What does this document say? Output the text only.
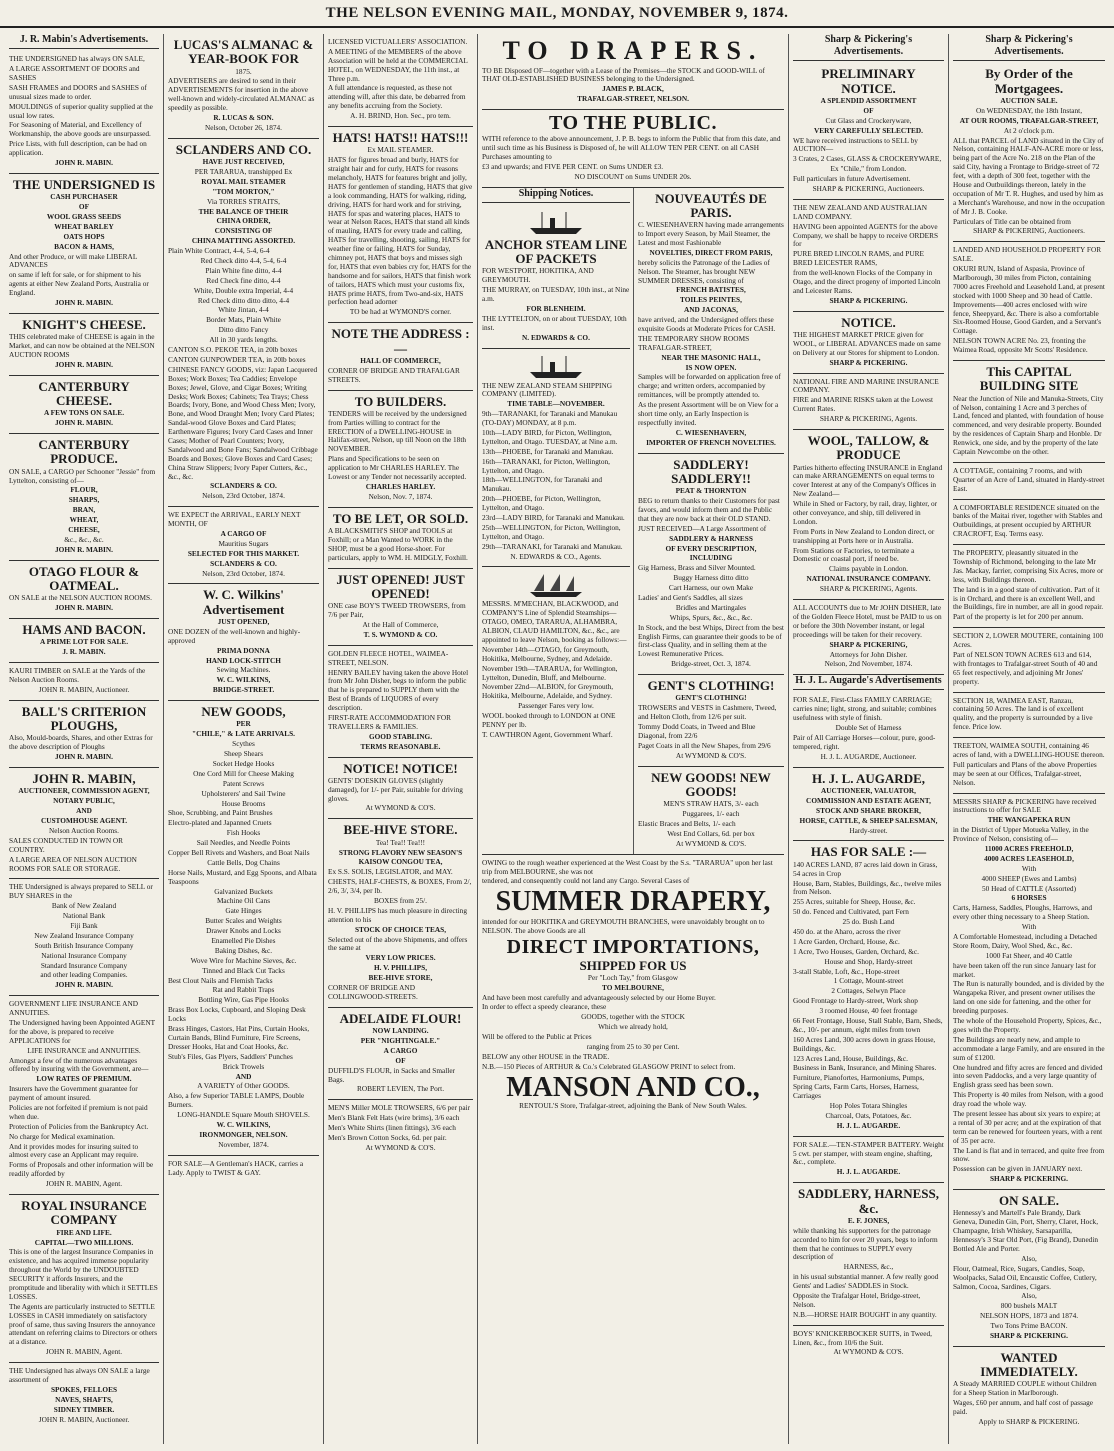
THE NELSON EVENING MAIL, MONDAY, NOVEMBER 9, 1874.
J. R. Mabin's Advertisements.

THE UNDERSIGNED has always ON SALE,

A LARGE ASSORTMENT OF DOORS and SASHES

SASH FRAMES and DOORS and SASHES of unusual sizes made to order.

MOULDINGS of superior quality supplied at the usual low rates.

For Seasoning of Material, and Excellency of Workmanship, the above goods are unsurpassed.

Price Lists, with full description, can be had on application.

JOHN R. MABIN.

THE UNDERSIGNED IS

CASH PURCHASER

OF

WOOL GRASS SEEDS

WHEAT BARLEY

OATS HOPS

BACON & HAMS,

And other Produce, or will make LIBERAL ADVANCES

on same if left for sale, or for shipment to his agents at either New Zealand Ports, Australia or England.

JOHN R. MABIN.

KNIGHT'S CHEESE.

THIS celebrated make of CHEESE is again in the Market, and can now be obtained at the NELSON AUCTION ROOMS

JOHN R. MABIN.

CANTERBURY CHEESE.

A FEW TONS ON SALE.

JOHN R. MABIN.

CANTERBURY PRODUCE.

ON SALE, a CARGO per Schooner "Jessie" from Lyttelton, consisting of—

FLOUR,

SHARPS,

BRAN,

WHEAT,

CHEESE,

&c., &c., &c.

JOHN R. MABIN.

OTAGO FLOUR & OATMEAL.

ON SALE at the NELSON AUCTION ROOMS.

JOHN R. MABIN.

HAMS AND BACON.

A PRIME LOT FOR SALE.

J. R. MABIN.

KAURI TIMBER on SALE at the Yards of the Nelson Auction Rooms.

JOHN R. MABIN, Auctioneer.

BALL'S CRITERION PLOUGHS,

Also, Mould-boards, Shares, and other Extras for the above description of Ploughs

JOHN R. MABIN.

JOHN R. MABIN,

AUCTIONEER, COMMISSION AGENT,

NOTARY PUBLIC,

AND

CUSTOMHOUSE AGENT.

Nelson Auction Rooms.

SALES CONDUCTED IN TOWN OR COUNTRY.

A LARGE AREA OF NELSON AUCTION ROOMS FOR SALE OR STORAGE.

THE Undersigned is always prepared to SELL or BUY SHARES in the

Bank of New Zealand

National Bank

Fiji Bank

New Zealand Insurance Company

South British Insurance Company

National Insurance Company

Standard Insurance Company

and other leading Companies.

JOHN R. MABIN.

GOVERNMENT LIFE INSURANCE AND ANNUITIES.

The Undersigned having been Appointed AGENT for the above, is prepared to receive APPLICATIONS for

LIFE INSURANCE and ANNUITIES.

Amongst a few of the numerous advantages offered by insuring with the Government, are—

LOW RATES OF PREMIUM.

Insurers have the Government guarantee for payment of amount insured.

Policies are not forfeited if premium is not paid when due.

Protection of Policies from the Bankruptcy Act.

No charge for Medical examination.

And it provides modes for insuring suited to almost every case an Applicant may require.

Forms of Proposals and other information will be readily afforded by

JOHN R. MABIN, Agent.

ROYAL INSURANCE COMPANY

FIRE AND LIFE.

CAPITAL—TWO MILLIONS.

This is one of the largest Insurance Companies in existence, and has acquired immense popularity throughout the World by the UNDOUBTED SECURITY it affords Insurers, and the promptitude and liberality with which it SETTLES LOSSES.

The Agents are particularly instructed to SETTLE LOSSES in CASH immediately on satisfactory proof of same, thus saving Insurers the annoyance attendant on referring claims to Directors or others at a distance.

JOHN R. MABIN, Agent.

THE Undersigned has always ON SALE a large assortment of

SPOKES, FELLOES

NAVES, SHAFTS,

SIDNEY TIMBER.

JOHN R. MABIN, Auctioneer.

LUCAS'S ALMANAC & YEAR-BOOK FOR

1875.

ADVERTISERS are desired to send in their ADVERTISEMENTS for insertion in the above well-known and widely-circulated ALMANAC as speedily as possible.

R. LUCAS & SON.

Nelson, October 26, 1874.

SCLANDERS AND CO.

HAVE JUST RECEIVED,

PER TARARUA, transhipped Ex

ROYAL MAIL STEAMER

"TOM MORTON,"

Via TORRES STRAITS,

THE BALANCE OF THEIR

CHINA ORDER,

CONSISTING OF

CHINA MATTING ASSORTED.

Plain White Contract, 4-4, 5-4, 6-4

Red Check ditto 4-4, 5-4, 6-4

Plain White fine ditto, 4-4

Red Check fine ditto, 4-4

White, Double extra Imperial, 4-4

Red Check ditto ditto ditto, 4-4

White Jintan, 4-4

Border Mats, Plain White

Ditto ditto Fancy

All in 30 yards lengths.

CANTON S.O. PEKOE TEA, in 20lb boxes

CANTON GUNPOWDER TEA, in 20lb boxes

CHINESE FANCY GOODS, viz: Japan Lacquered Boxes; Work Boxes; Tea Caddies; Envelope Boxes; Jewel, Glove, and Cigar Boxes; Writing Desks; Work Boxes; Cabinets; Tea Trays; Chess Boards; Ivory, Bone, and Wood Chess Men; Ivory, Bone, and Wood Draught Men; Ivory Card Plates; Sandal-wood Glove Boxes and Card Plates; Earthenware Figures; Ivory Card Cases and Inner Cases; Mother of Pearl Counters; Ivory, Sandalwood and Bone Fans; Sandalwood Cribbage Boards and Boxes; Glove Boxes and Card Cases; China Straw Slippers; Ivory Paper Cutters, &c., &c., &c.

SCLANDERS & CO.

Nelson, 23rd October, 1874.

WE EXPECT the ARRIVAL, EARLY NEXT MONTH, OF

A CARGO OF

Mauritius Sugars

SELECTED FOR THIS MARKET.

SCLANDERS & CO.

Nelson, 23rd October, 1874.

W. C. Wilkins' Advertisement

JUST OPENED,

ONE DOZEN of the well-known and highly-approved

PRIMA DONNA

HAND LOCK-STITCH

Sewing Machines.

W. C. WILKINS,

BRIDGE-STREET.

NEW GOODS,

PER

"CHILE," & LATE ARRIVALS.

Scythes

Sheep Shears

Socket Hedge Hooks

One Cord Mill for Cheese Making

Patent Screws

Upholsterers' and Sail Twine

House Brooms

Shoe, Scrubbing, and Paint Brushes

Electro-plated and Japanned Cruets

Fish Hooks

Sail Needles, and Needle Points

Copper Bell Rivets and Washers, and Boat Nails

Cattle Bells, Dog Chains

Horse Nails, Mustard, and Egg Spoons, and Albata Teaspoons

Galvanized Buckets

Machine Oil Cans

Gate Hinges

Butter Scales and Weights

Drawer Knobs and Locks

Enamelled Pie Dishes

Baking Dishes, &c.

Wove Wire for Machine Sieves, &c.

Tinned and Black Cut Tacks

Best Clout Nails and Flemish Tacks

Rat and Rabbit Traps

Bottling Wire, Gas Pipe Hooks

Brass Box Locks, Cupboard, and Sloping Desk Locks

Brass Hinges, Castors, Hat Pins, Curtain Hooks, Curtain Bands, Blind Furniture, Fire Screens, Dresser Hooks, Hat and Coat Hooks, &c.

Stub's Files, Gas Plyers, Saddlers' Punches

Brick Trowels

AND

A VARIETY of Other GOODS.

Also, a few Superior TABLE LAMPS, Double Burners.

LONG-HANDLE Square Mouth SHOVELS.

W. C. WILKINS,

IRONMONGER, NELSON.

November, 1874.

FOR SALE—A Gentleman's HACK, carries a Lady. Apply to TWIST & GAY.

LICENSED VICTUALLERS' ASSOCIATION.

A MEETING of the MEMBERS of the above Association will be held at the COMMERCIAL HOTEL, on WEDNESDAY, the 11th inst., at Three p.m.

A full attendance is requested, as these not attending will, after this date, be debarred from any benefits accruing from the Society.

A. H. BRIND, Hon. Sec., pro tem.

HATS! HATS!! HATS!!!

Ex MAIL STEAMER.

HATS for figures broad and burly, HATS for straight hair and for curly, HATS for reasons melancholy, HATS for features bright and jolly, HATS for gentlemen of standing, HATS that give a look commanding, HATS for walking, riding, driving, HATS for hard work and for striving, HATS for spas and watering places, HATS to wear at Nelson Races, HATS that stand all kinds of mauling, HATS for every trade and calling, HATS for travelling, shooting, sailing, HATS for weather fine or failing, HATS for Sunday, chimney pot, HATS that boys and misses sigh for, HATS that even babies cry for, HATS for the handsome and for sailors, HATS that finish work of tailors, HATS which must your customs fix, HATS prime HATS, from Two-and-six, HATS perfection head adorner

TO be had at WYMOND'S corner.

NOTE THE ADDRESS :—

HALL OF COMMERCE,

CORNER OF BRIDGE AND TRAFALGAR STREETS.

TO BUILDERS.

TENDERS will be received by the undersigned from Parties willing to contract for the ERECTION of a DWELLING-HOUSE in Halifax-street, Nelson, up till Noon on the 18th NOVEMBER.

Plans and Specifications to be seen on application to Mr CHARLES HARLEY. The Lowest or any Tender not necessarily accepted.

CHARLES HARLEY.

Nelson, Nov. 7, 1874.

TO BE LET, OR SOLD.

A BLACKSMITH'S SHOP and TOOLS at Foxhill; or a Man Wanted to WORK in the SHOP, must be a good Horse-shoer. For particulars, apply to WM. H. MIDGLY, Foxhill.

JUST OPENED! JUST OPENED!

ONE case BOY'S TWEED TROWSERS, from 7/6 per Pair,

At the Hall of Commerce,

T. S. WYMOND & CO.

GOLDEN FLEECE HOTEL, WAIMEA-STREET, NELSON.

HENRY BAILEY having taken the above Hotel from Mr John Disher, begs to inform the public that he is prepared to SUPPLY them with the Best of Brands of LIQUORS of every description.

FIRST-RATE ACCOMMODATION FOR TRAVELLERS & FAMILIES.

GOOD STABLING.

TERMS REASONABLE.

NOTICE! NOTICE!

GENTS' DOESKIN GLOVES (slightly damaged), for 1/- per Pair, suitable for driving gloves.

At WYMOND & CO'S.

BEE-HIVE STORE.

Tea! Tea!! Tea!!!

STRONG FLAVORY NEW SEASON'S

KAISOW CONGOU TEA,

Ex S.S. SOLIS, LEGISLATOR, and MAY.

CHESTS, HALF-CHESTS, & BOXES, From 2/, 2/6, 3/, 3/4, per lb.

BOXES from 25/.

H. V. PHILLIPS has much pleasure in directing attention to his

STOCK OF CHOICE TEAS,

Selected out of the above Shipments, and offers the same at

VERY LOW PRICES.

H. V. PHILLIPS,

BEE-HIVE STORE,

CORNER OF BRIDGE AND COLLINGWOOD-STREETS.

ADELAIDE FLOUR!

NOW LANDING.

PER "NIGHTINGALE."

A CARGO

OF

DUFFILD'S FLOUR, in Sacks and Smaller Bags.

ROBERT LEVIEN, The Port.

MEN'S Miller MOLE TROWSERS, 6/6 per pair

Men's Blank Felt Hats (wire brims), 3/6 each

Men's White Shirts (linen fittings), 3/6 each

Men's Brown Cotton Socks, 6d. per pair.

At WYMOND & CO'S.

TO DRAPERS.

TO BE Disposed OF—together with a Lease of the Premises—the STOCK and GOOD-WILL of THAT OLD-ESTABLISHED BUSINESS belonging to the Undersigned.

JAMES P. BLACK,

TRAFALGAR-STREET, NELSON.

TO THE PUBLIC.

WITH reference to the above announcement, J. P. B. begs to inform the Public that from this date, and until such time as his Business is Disposed of, he will ALLOW TEN PER CENT. on all CASH Purchases amounting to

£3 and upwards; and FIVE PER CENT. on Sums UNDER £3.

NO DISCOUNT on Sums UNDER 20s.

Shipping Notices.

ANCHOR STEAM LINE OF PACKETS

FOR WESTPORT, HOKITIKA, AND GREYMOUTH.

THE MURRAY, on TUESDAY, 10th inst., at Nine a.m.

FOR BLENHEIM.

THE LYTTELTON, on or about TUESDAY, 10th inst.

N. EDWARDS & CO.

THE NEW ZEALAND STEAM SHIPPING COMPANY (LIMITED).

TIME TABLE—NOVEMBER.

9th—TARANAKI, for Taranaki and Manukau (TO-DAY) MONDAY, at 8 p.m.

10th—LADY BIRD, for Picton, Wellington, Lyttelton, and Otago. TUESDAY, at Nine a.m.

13th—PHOEBE, for Taranaki and Manukau.

16th—TARANAKI, for Picton, Wellington, Lyttelton, and Otago.

18th—WELLINGTON, for Taranaki and Manukau.

20th—PHOEBE, for Picton, Wellington, Lyttelton, and Otago.

23rd—LADY BIRD, for Taranaki and Manukau.

25th—WELLINGTON, for Picton, Wellington, Lyttelton, and Otago.

29th—TARANAKI, for Taranaki and Manukau.

N. EDWARDS & CO., Agents.

MESSRS. M'MECHAN, BLACKWOOD, and COMPANY'S Line of Splendid Steamships—OTAGO, OMEO, TARARUA, ALHAMBRA, ALBION, CLAUD HAMILTON, &c., &c., are appointed to leave Nelson, booking as follows:—

November 14th—OTAGO, for Greymouth, Hokitika, Melbourne, Sydney, and Adelaide.

November 19th—TARARUA, for Wellington, Lyttelton, Dunedin, Bluff, and Melbourne.

November 22nd—ALBION, for Greymouth, Hokitika, Melbourne, Adelaide, and Sydney.

Passenger Fares very low.

WOOL booked through to LONDON at ONE PENNY per lb.

T. CAWTHRON Agent, Government Wharf.

NOUVEAUTÉS DE PARIS.

C. WIESENHAVERN having made arrangements to Import every Season, by Mail Steamer, the Latest and most Fashionable

NOVELTIES, DIRECT FROM PARIS,

hereby solicits the Patronage of the Ladies of Nelson. The Steamer, has brought NEW SUMMER DRESSES, consisting of

FRENCH BATISTES,

TOILES PEINTES,

AND JACONAS,

have arrived, and the Undersigned offers these exquisite Goods at Moderate Prices for CASH.

THE TEMPORARY SHOW ROOMS TRAFALGAR-STREET,

NEAR THE MASONIC HALL,

IS NOW OPEN.

Samples will be forwarded on application free of charge; and written orders, accompanied by remittances, will be promptly attended to.

As the present Assortment will be on View for a short time only, an Early Inspection is respectfully invited.

C. WIESENHAVERN,

IMPORTER OF FRENCH NOVELTIES.

SADDLERY! SADDLERY!!

PEAT & THORNTON

BEG to return thanks to their Customers for past favors, and would inform them and the Public that they are now back at their OLD STAND.

JUST RECEIVED—A Large Assortment of

SADDLERY & HARNESS

OF EVERY DESCRIPTION,

INCLUDING

Gig Harness, Brass and Silver Mounted.

Buggy Harness ditto ditto

Cart Harness, our own Make

Ladies' and Gent's Saddles, all sizes

Bridles and Martingales

Whips, Spurs, &c., &c., &c.

In Stock, and the best Whips, Direct from the best English Firms, can guarantee their goods to be of first-class Quality, and in selling them at the Lowest Remunerative Prices.

Bridge-street, Oct. 3, 1874.

GENT'S CLOTHING!

GENT'S CLOTHING!

TROWSERS and VESTS in Cashmere, Tweed, and Helton Cloth, from 12/6 per suit.

Tommy Dodd Coats, in Tweed and Blue Diagonal, from 22/6

Paget Coats in all the New Shapes, from 29/6

At WYMOND & CO'S.

NEW GOODS! NEW GOODS!

MEN'S STRAW HATS, 3/- each

Puggarees, 1/- each

Elastic Braces and Belts, 1/- each

West End Collars, 6d. per box

At WYMOND & CO'S.

OWING to the rough weather experienced at the West Coast by the S.s. "TARARUA" upon her last trip from MELBOURNE, she was not

tendered, and consequently could not land any Cargo. Several Cases of

SUMMER DRAPERY,

intended for our HOKITIKA and GREYMOUTH BRANCHES, were unavoidably brought on to NELSON. The above Goods are all

DIRECT IMPORTATIONS,

SHIPPED FOR US

Per "Loch Tay," from Glasgow

TO MELBOURNE,

And have been most carefully and advantageously selected by our Home Buyer.

In order to effect a speedy clearance, these

GOODS, together with the STOCK

Which we already hold,

Will be offered to the Public at Prices

ranging from 25 to 30 per Cent.

BELOW any other HOUSE in the TRADE.

N.B.—150 Pieces of ARTHUR & Co.'s Celebrated GLASGOW PRINT to select from.

MANSON AND CO.,
RENTOUL'S Store, Trafalgar-street, adjoining the Bank of New South Wales.
Sharp & Pickering's Advertisements.

PRELIMINARY NOTICE.

A SPLENDID ASSORTMENT

OF

Cut Glass and Crockeryware,

VERY CAREFULLY SELECTED.

WE have received instructions to SELL by AUCTION—

3 Crates, 2 Cases, GLASS & CROCKERYWARE,

Ex "Chile," from London.

Full particulars in future Advertisement.

SHARP & PICKERING, Auctioneers.

THE NEW ZEALAND AND AUSTRALIAN LAND COMPANY.

HAVING been appointed AGENTS for the above Company, we shall be happy to receive ORDERS for

PURE BRED LINCOLN RAMS, and PURE BRED LEICESTER RAMS,

from the well-known Flocks of the Company in Otago, and the direct progeny of imported Lincoln and Leicester Rams.

SHARP & PICKERING.

NOTICE.

THE HIGHEST MARKET PRICE given for WOOL, or LIBERAL ADVANCES made on same on Delivery at our Stores for shipment to London.

SHARP & PICKERING.

NATIONAL FIRE AND MARINE INSURANCE COMPANY.

FIRE and MARINE RISKS taken at the Lowest Current Rates.

SHARP & PICKERING, Agents.

WOOL, TALLOW, & PRODUCE

Parties hitherto effecting INSURANCE in England can make ARRANGEMENTS on equal terms to cover Interest at any of the Company's Offices in New Zealand—

While in Shed or Factory, by rail, dray, lighter, or other conveyance, and ship, till delivered in London.

From Ports in New Zealand to London direct, or transhipping at Ports here or in Australia.

From Stations or Factories, to terminate a Domestic or coastal port, if need be.

Claims payable in London.

NATIONAL INSURANCE COMPANY.

SHARP & PICKERING, Agents.

ALL ACCOUNTS due to Mr JOHN DISHER, late of the Golden Fleece Hotel, must be PAID to us on or before the 30th November instant, or legal proceedings will be taken for their recovery.

SHARP & PICKERING,

Attorneys for John Disher.

Nelson, 2nd November, 1874.

H. J. L. Augarde's Advertisements

FOR SALE, First-Class FAMILY CARRIAGE; carries nine; light, strong, and suitable; combines usefulness with style of finish.

Double Set of Harness

Pair of All Carriage Horses—colour, pure, good-tempered, right.

H. J. L. AUGARDE, Auctioneer.

H. J. L. AUGARDE,

AUCTIONEER, VALUATOR,

COMMISSION AND ESTATE AGENT,

STOCK AND SHARE BROKER,

HORSE, CATTLE, & SHEEP SALESMAN,

Hardy-street.

HAS FOR SALE :—

140 ACRES LAND, 87 acres laid down in Grass, 54 acres in Crop

House, Barn, Stables, Buildings, &c., twelve miles from Nelson.

255 Acres, suitable for Sheep, House, &c.

50 do. Fenced and Cultivated, part Fern

25 do. Bush Land

450 do. at the Aharo, across the river

1 Acre Garden, Orchard, House, &c.

1 Acre, Two Houses, Garden, Orchard, &c.

House and Shop, Hardy-street

3-stall Stable, Loft, &c., Hope-street

1 Cottage, Mount-street

2 Cottages, Selwyn Place

Good Frontage to Hardy-street, Work shop

3 roomed House, 40 feet frontage

66 Feet Frontage, House, Stall Stable, Barn, Sheds, &c., 10/- per annum, eight miles from town

160 Acres Land, 300 acres down in grass House, Buildings, &c.

123 Acres Land, House, Buildings, &c.

Business in Bank, Insurance, and Mining Shares.

Furniture, Pianofortes, Harmoniums, Pumps, Spring Carts, Farm Carts, Horses, Harness, Carriages

Hop Poles Totara Shingles

Charcoal, Oats, Potatoes, &c.

H. J. L. AUGARDE.

FOR SALE.—TEN-STAMPER BATTERY. Weight 5 cwt. per stamper, with steam engine, shafting, &c., complete.

H. J. L. AUGARDE.

SADDLERY, HARNESS, &c.

E. F. JONES,

while thanking his supporters for the patronage accorded to him for over 20 years, begs to inform them that he continues to SUPPLY every description of

HARNESS, &c.,

in his usual substantial manner. A few really good Gents' and Ladies' SADDLES in Stock.

Opposite the Trafalgar Hotel, Bridge-street, Nelson.

N.B.—HORSE HAIR BOUGHT in any quantity.

BOYS' KNICKERBOCKER SUITS, in Tweed, Linen, &c., from 10/6 the Suit.

At WYMOND & CO'S.

Sharp & Pickering's Advertisements.

By Order of the Mortgagees.

AUCTION SALE.

On WEDNESDAY, the 18th Instant,

AT OUR ROOMS, TRAFALGAR-STREET,

At 2 o'clock p.m.

ALL that PARCEL of LAND situated in the City of Nelson, containing HALF-AN-ACRE more or less, being part of the Acre No. 218 on the Plan of the said City, having a Frontage to Bridge-street of 72 feet, with a depth of 300 feet, together with the House and Outbuildings thereon, lately in the occupation of Mr T. R. Hughes, and used by him as a Merchant's Warehouse, and now in the occupation of Mr J. B. Cooke.

Particulars of Title can be obtained from

SHARP & PICKERING, Auctioneers.

LANDED AND HOUSEHOLD PROPERTY FOR SALE.

OKURI RUN, Island of Aspasia, Province of Marlborough, 30 miles from Picton, containing 7000 acres Freehold and Leasehold Land, at present stocked with 1000 Sheep and 30 head of Cattle. Improvements—400 acres enclosed with wire fence, Sheepyard, &c. There is also a comfortable Six-Roomed House, Good Garden, and a Servant's Cottage.

NELSON TOWN ACRE No. 23, fronting the Waimea Road, opposite Mr Scotts' Residence.

This CAPITAL BUILDING SITE

Near the Junction of Nile and Manuka-Streets, City of Nelson, containing 1 Acre and 3 perches of Land, fenced and planted, with foundation of house commenced, and very desirable property. Bounded by the residences of Captain Sharp and Honble. Dr Renwick, one side, and by the property of the late Captain Newcombe on the other.

A COTTAGE, containing 7 rooms, and with Quarter of an Acre of Land, situated in Hardy-street East.

A COMFORTABLE RESIDENCE situated on the banks of the Maitai river, together with Stables and Outbuildings, at present occupied by ARTHUR CRACROFT, Esq. Terms easy.

The PROPERTY, pleasantly situated in the Township of Richmond, belonging to the late Mr Jas. Mackay, farrier, comprising Six Acres, more or less, with Buildings thereon.

The land is in a good state of cultivation. Part of it is in Orchard, and there is an excellent Well, and the Buildings, fire in number, are all in good repair.

Part of the property is let for 200 per annum.

SECTION 2, LOWER MOUTERE, containing 100 Acres.

Part of NELSON TOWN ACRES 613 and 614, with frontages to Trafalgar-street South of 40 and 65 feet respectively, and adjoining Mr Jones' property.

SECTION 18, WAIMEA EAST, Ranzau, containing 50 Acres. The land is of excellent quality, and the property is surrounded by a live fence. Price low.

TREETON, WAIMEA SOUTH, containing 46 acres of land, with a DWELLING-HOUSE thereon.

Full particulars and Plans of the above Properties may be seen at our Offices, Trafalgar-street, Nelson.

MESSRS SHARP & PICKERING have received instructions to offer for SALE

THE WANGAPEKA RUN

in the District of Upper Motueka Valley, in the Province of Nelson, consisting of—

11000 ACRES FREEHOLD,

4000 ACRES LEASEHOLD,

With

4000 SHEEP (Ewes and Lambs)

50 Head of CATTLE (Assorted)

6 HORSES

Carts, Harness, Saddles, Ploughs, Harrows, and every other thing necessary to a Sheep Station.

With

A Comfortable Homestead, including a Detached Store Room, Dairy, Wool Shed, &c., &c.

1000 Fat Sheer, and 40 Cattle

have been taken off the run since January last for market.

The Run is naturally bounded, and is divided by the Wangapeka River, and present owner utilises the land on one side for fattening, and the other for breeding purposes.

The whole of the Household Property, Spices, &c., goes with the Property.

The Buildings are nearly new, and ample to accommodate a large Family, and are ensured in the sum of £1200.

One hundred and fifty acres are fenced and divided into seven Paddocks, and a very large quantity of English grass seed has been sown.

This Property is 40 miles from Nelson, with a good dray road the whole way.

The present lessee has about six years to expire; at a rental of 30 per acre; and at the expiration of that term can be renewed for fourteen years, with a rent of 35 per acre.

The Land is flat and in terraced, and quite free from snow.

Possession can be given in JANUARY next.

SHARP & PICKERING.

ON SALE.

Hennessy's and Martell's Pale Brandy, Dark Geneva, Dunedin Gin, Port, Sherry, Claret, Hock, Champagne, Irish Whiskey, Sarsaparilla, Hennessy's 3 Star Old Port, (Fig Brand), Dunedin Bottled Ale and Porter.

Also,

Flour, Oatmeal, Rice, Sugars, Candles, Soap, Woolpacks, Salad Oil, Encaustic Coffee, Cutlery, Salmon, Cocoa, Sardines, Cigars.

Also,

800 bushels MALT

NELSON HOPS, 1873 and 1874.

Two Tons Prime BACON.

SHARP & PICKERING.

WANTED IMMEDIATELY.

A Steady MARRIED COUPLE without Children for a Sheep Station in Marlborough.

Wages, £60 per annum, and half cost of passage paid.

Apply to SHARP & PICKERING.
